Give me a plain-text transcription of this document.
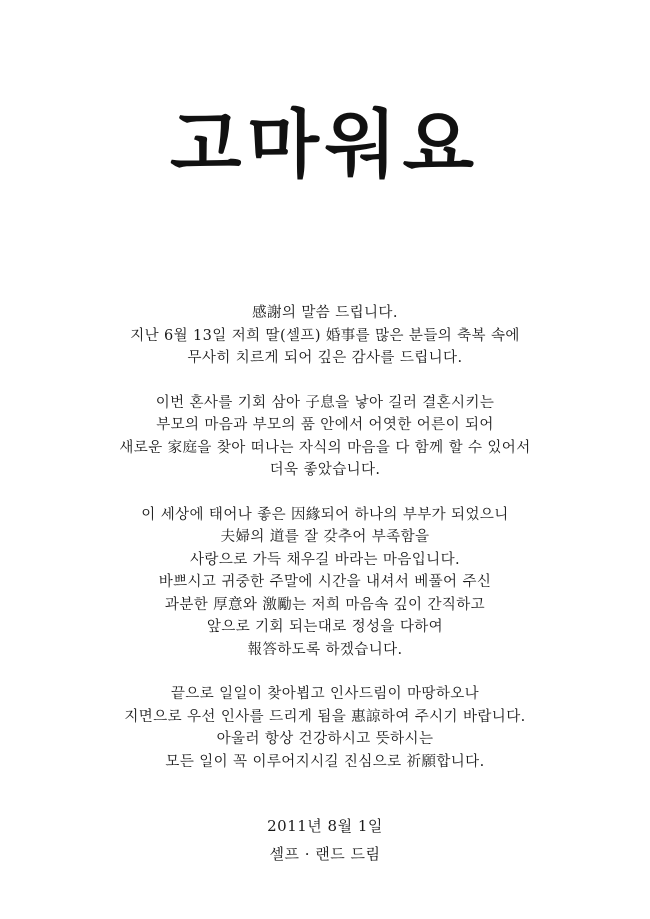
고마워요
感謝의 말씀 드립니다.
지난 6월 13일 저희 딸(셀프) 婚事를 많은 분들의 축복 속에
무사히 치르게 되어 깊은 감사를 드립니다.
이번 혼사를 기회 삼아 子息을 낳아 길러 결혼시키는
부모의 마음과 부모의 품 안에서 어엿한 어른이 되어
새로운 家庭을 찾아 떠나는 자식의 마음을 다 함께 할 수 있어서
더욱 좋았습니다.
이 세상에 태어나 좋은 因緣되어 하나의 부부가 되었으니
夫婦의 道를 잘 갖추어 부족함을
사랑으로 가득 채우길 바라는 마음입니다.
바쁘시고 귀중한 주말에 시간을 내셔서 베풀어 주신
과분한 厚意와 激勵는 저희 마음속 깊이 간직하고
앞으로 기회 되는대로 정성을 다하여
報答하도록 하겠습니다.
끝으로 일일이 찾아뵙고 인사드림이 마땅하오나
지면으로 우선 인사를 드리게 됨을 惠諒하여 주시기 바랍니다.
아울러 항상 건강하시고 뜻하시는
모든 일이 꼭 이루어지시길 진심으로 祈願합니다.
2011년 8월 1일
셀프 · 랜드 드림
